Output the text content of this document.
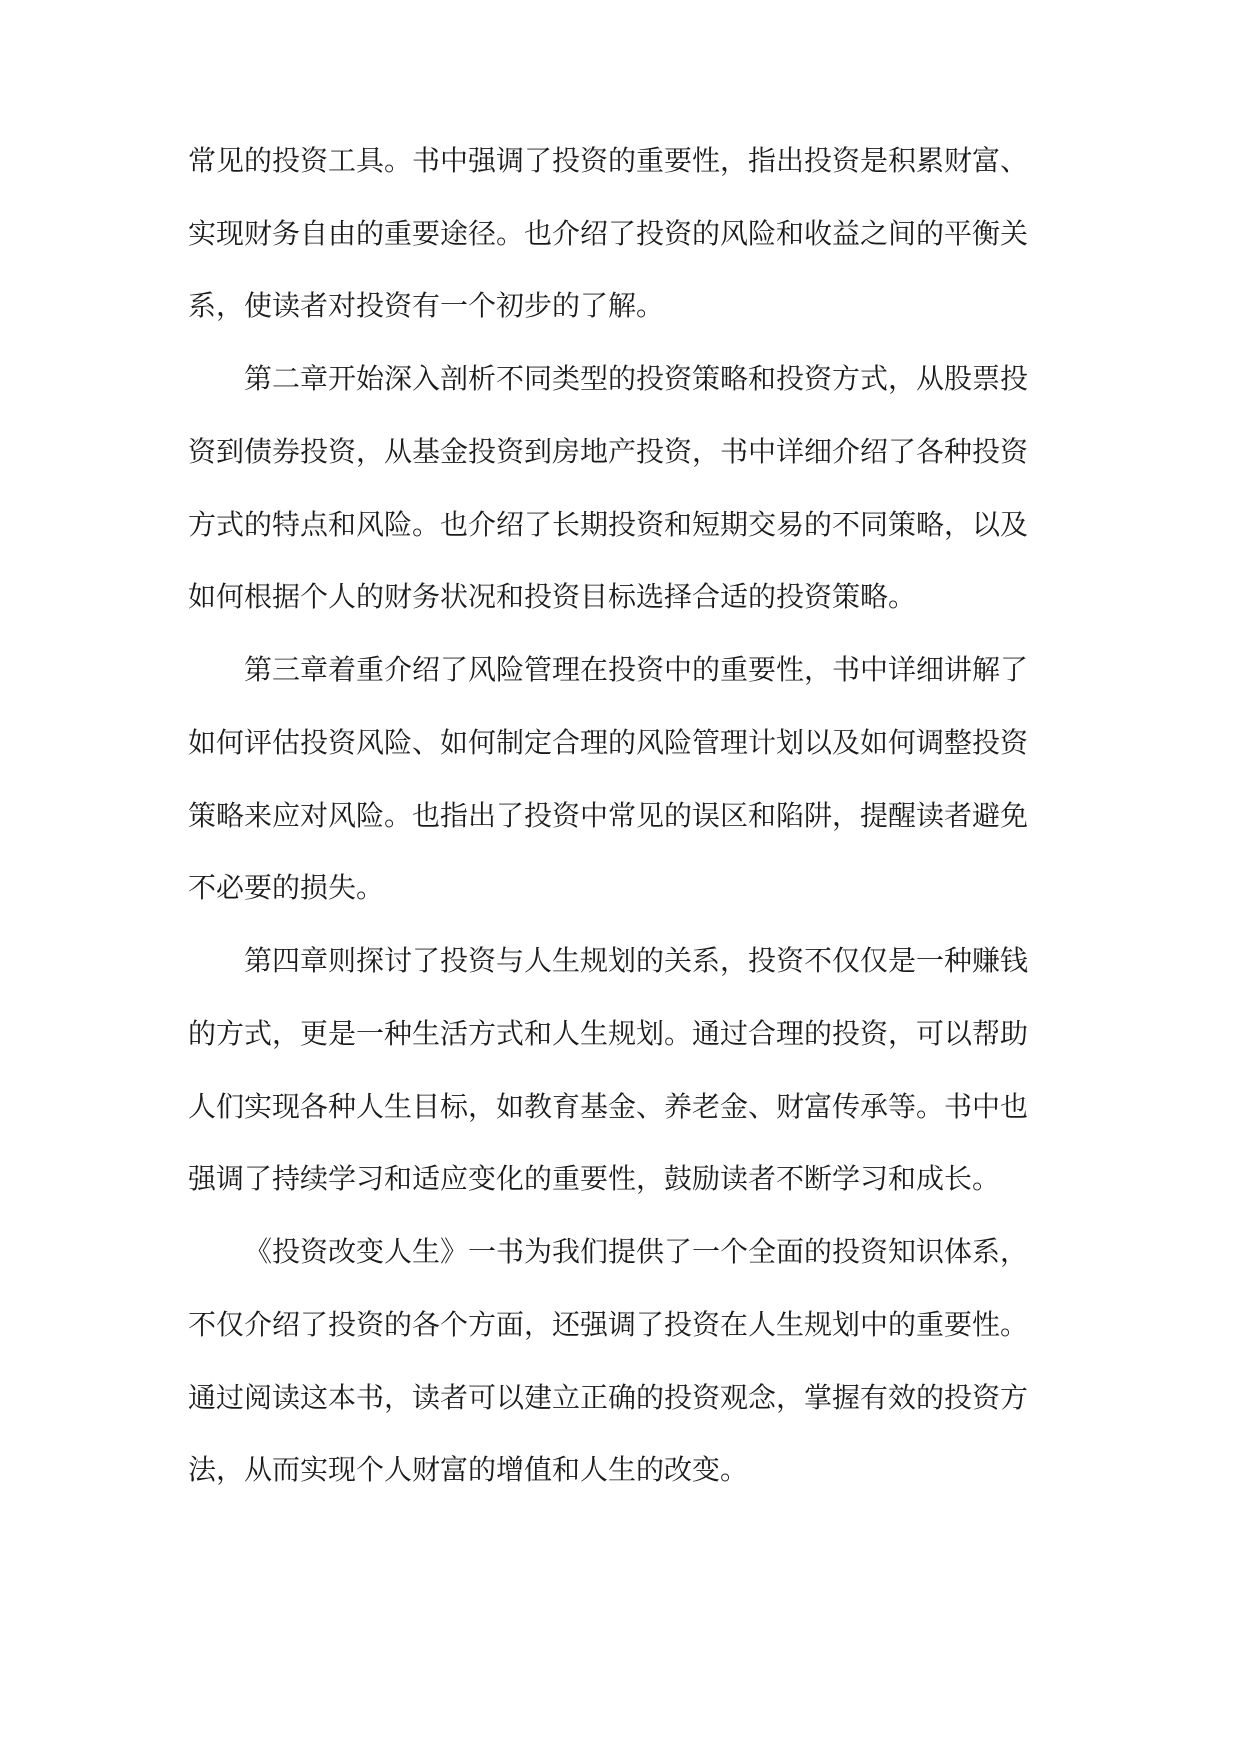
常见的投资工具。书中强调了投资的重要性，指出投资是积累财富、
实现财务自由的重要途径。也介绍了投资的风险和收益之间的平衡关
系，使读者对投资有一个初步的了解。
第二章开始深入剖析不同类型的投资策略和投资方式，从股票投
资到债券投资，从基金投资到房地产投资，书中详细介绍了各种投资
方式的特点和风险。也介绍了长期投资和短期交易的不同策略，以及
如何根据个人的财务状况和投资目标选择合适的投资策略。
第三章着重介绍了风险管理在投资中的重要性，书中详细讲解了
如何评估投资风险、如何制定合理的风险管理计划以及如何调整投资
策略来应对风险。也指出了投资中常见的误区和陷阱，提醒读者避免
不必要的损失。
第四章则探讨了投资与人生规划的关系，投资不仅仅是一种赚钱
的方式，更是一种生活方式和人生规划。通过合理的投资，可以帮助
人们实现各种人生目标，如教育基金、养老金、财富传承等。书中也
强调了持续学习和适应变化的重要性，鼓励读者不断学习和成长。
《投资改变人生》一书为我们提供了一个全面的投资知识体系，
不仅介绍了投资的各个方面，还强调了投资在人生规划中的重要性。
通过阅读这本书，读者可以建立正确的投资观念，掌握有效的投资方
法，从而实现个人财富的增值和人生的改变。
